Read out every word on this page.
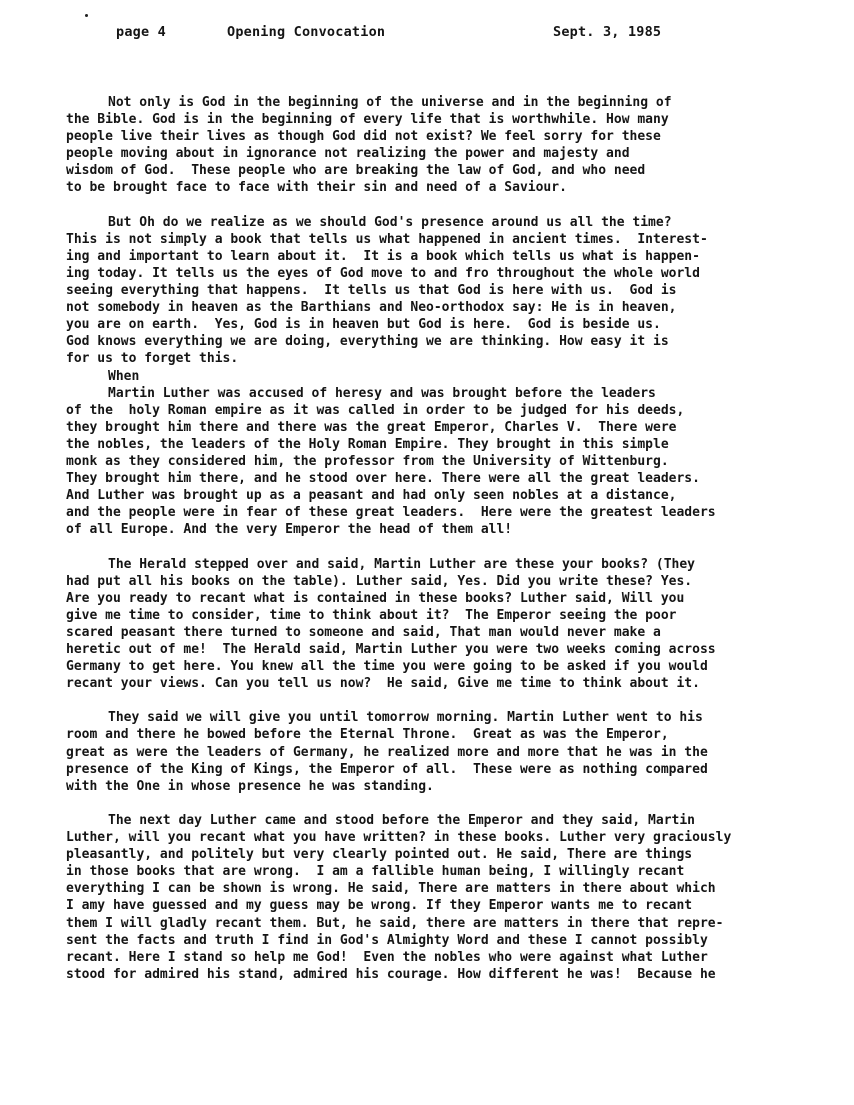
page 4	Opening Convocation	Sept. 3, 1985
Not only is God in the beginning of the universe and in the beginning of
the Bible. God is in the beginning of every life that is worthwhile. How many
people live their lives as though God did not exist? We feel sorry for these
people moving about in ignorance not realizing the power and majesty and
wisdom of God.  These people who are breaking the law of God, and who need
to be brought face to face with their sin and need of a Saviour.
But Oh do we realize as we should God's presence around us all the time?
This is not simply a book that tells us what happened in ancient times.  Interest-
ing and important to learn about it.  It is a book which tells us what is happen-
ing today. It tells us the eyes of God move to and fro throughout the whole world
seeing everything that happens.  It tells us that God is here with us.  God is
not somebody in heaven as the Barthians and Neo-orthodox say: He is in heaven,
you are on earth.  Yes, God is in heaven but God is here.  God is beside us.
God knows everything we are doing, everything we are thinking. How easy it is
for us to forget this.
When
Martin Luther was accused of heresy and was brought before the leaders
of the  holy Roman empire as it was called in order to be judged for his deeds,
they brought him there and there was the great Emperor, Charles V.  There were
the nobles, the leaders of the Holy Roman Empire. They brought in this simple
monk as they considered him, the professor from the University of Wittenburg.
They brought him there, and he stood over here. There were all the great leaders.
And Luther was brought up as a peasant and had only seen nobles at a distance,
and the people were in fear of these great leaders.  Here were the greatest leaders
of all Europe. And the very Emperor the head of them all!
The Herald stepped over and said, Martin Luther are these your books? (They
had put all his books on the table). Luther said, Yes. Did you write these? Yes.
Are you ready to recant what is contained in these books? Luther said, Will you
give me time to consider, time to think about it?  The Emperor seeing the poor
scared peasant there turned to someone and said, That man would never make a
heretic out of me!  The Herald said, Martin Luther you were two weeks coming across
Germany to get here. You knew all the time you were going to be asked if you would
recant your views. Can you tell us now?  He said, Give me time to think about it.
They said we will give you until tomorrow morning. Martin Luther went to his
room and there he bowed before the Eternal Throne.  Great as was the Emperor,
great as were the leaders of Germany, he realized more and more that he was in the
presence of the King of Kings, the Emperor of all.  These were as nothing compared
with the One in whose presence he was standing.
The next day Luther came and stood before the Emperor and they said, Martin
Luther, will you recant what you have written? in these books. Luther very graciously
pleasantly, and politely but very clearly pointed out. He said, There are things
in those books that are wrong.  I am a fallible human being, I willingly recant
everything I can be shown is wrong. He said, There are matters in there about which
I amy have guessed and my guess may be wrong. If they Emperor wants me to recant
them I will gladly recant them. But, he said, there are matters in there that repre-
sent the facts and truth I find in God's Almighty Word and these I cannot possibly
recant. Here I stand so help me God!  Even the nobles who were against what Luther
stood for admired his stand, admired his courage. How different he was!  Because he
